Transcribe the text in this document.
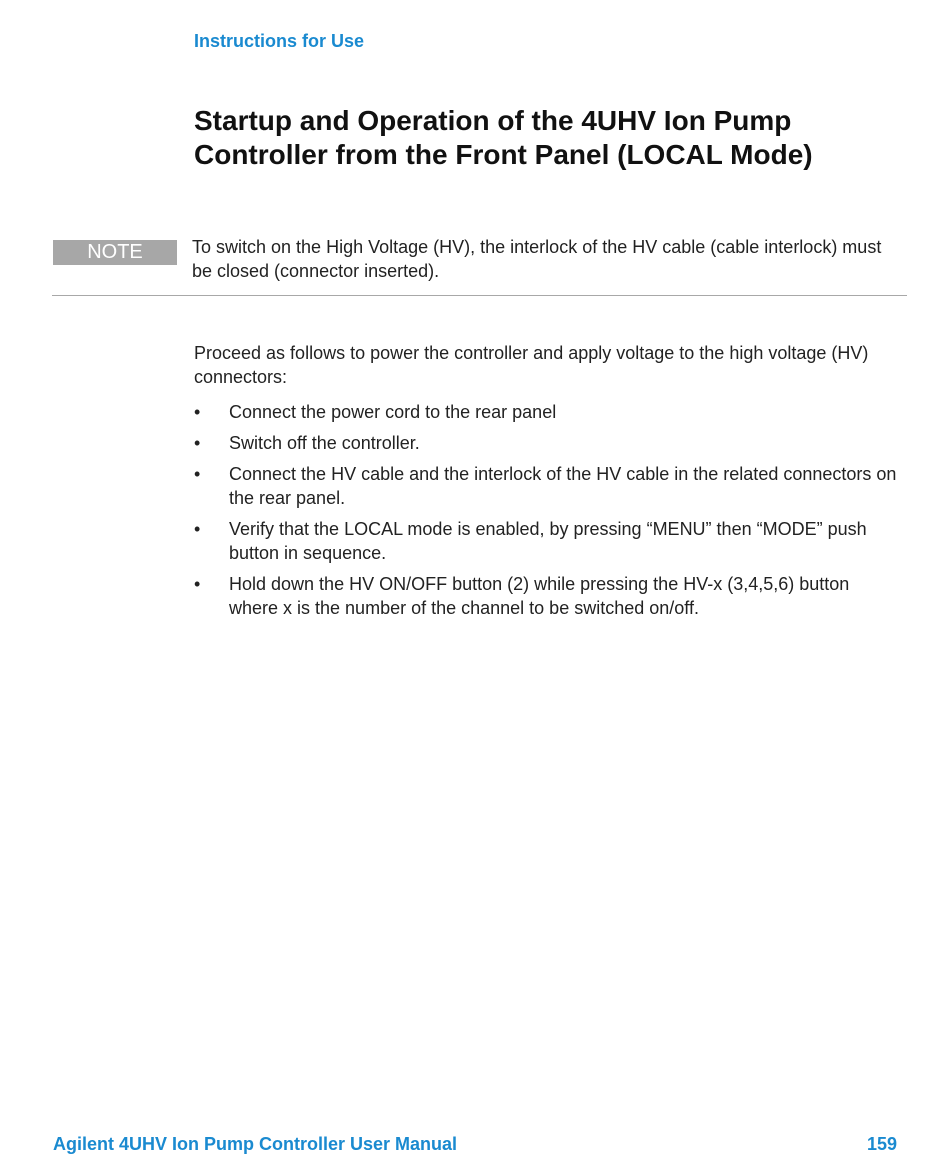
Instructions for Use
Startup and Operation of the 4UHV Ion Pump Controller from the Front Panel (LOCAL Mode)
NOTE	To switch on the High Voltage (HV), the interlock of the HV cable (cable interlock) must be closed (connector inserted).
Proceed as follows to power the controller and apply voltage to the high voltage (HV) connectors:
•	Connect the power cord to the rear panel
•	Switch off the controller.
•	Connect the HV cable and the interlock of the HV cable in the related connectors on the rear panel.
•	Verify that the LOCAL mode is enabled, by pressing “MENU” then “MODE” push button in sequence.
•	Hold down the HV ON/OFF button (2) while pressing the HV-x (3,4,5,6) button where x is the number of the channel to be switched on/off.
Agilent 4UHV Ion Pump Controller User Manual	159
